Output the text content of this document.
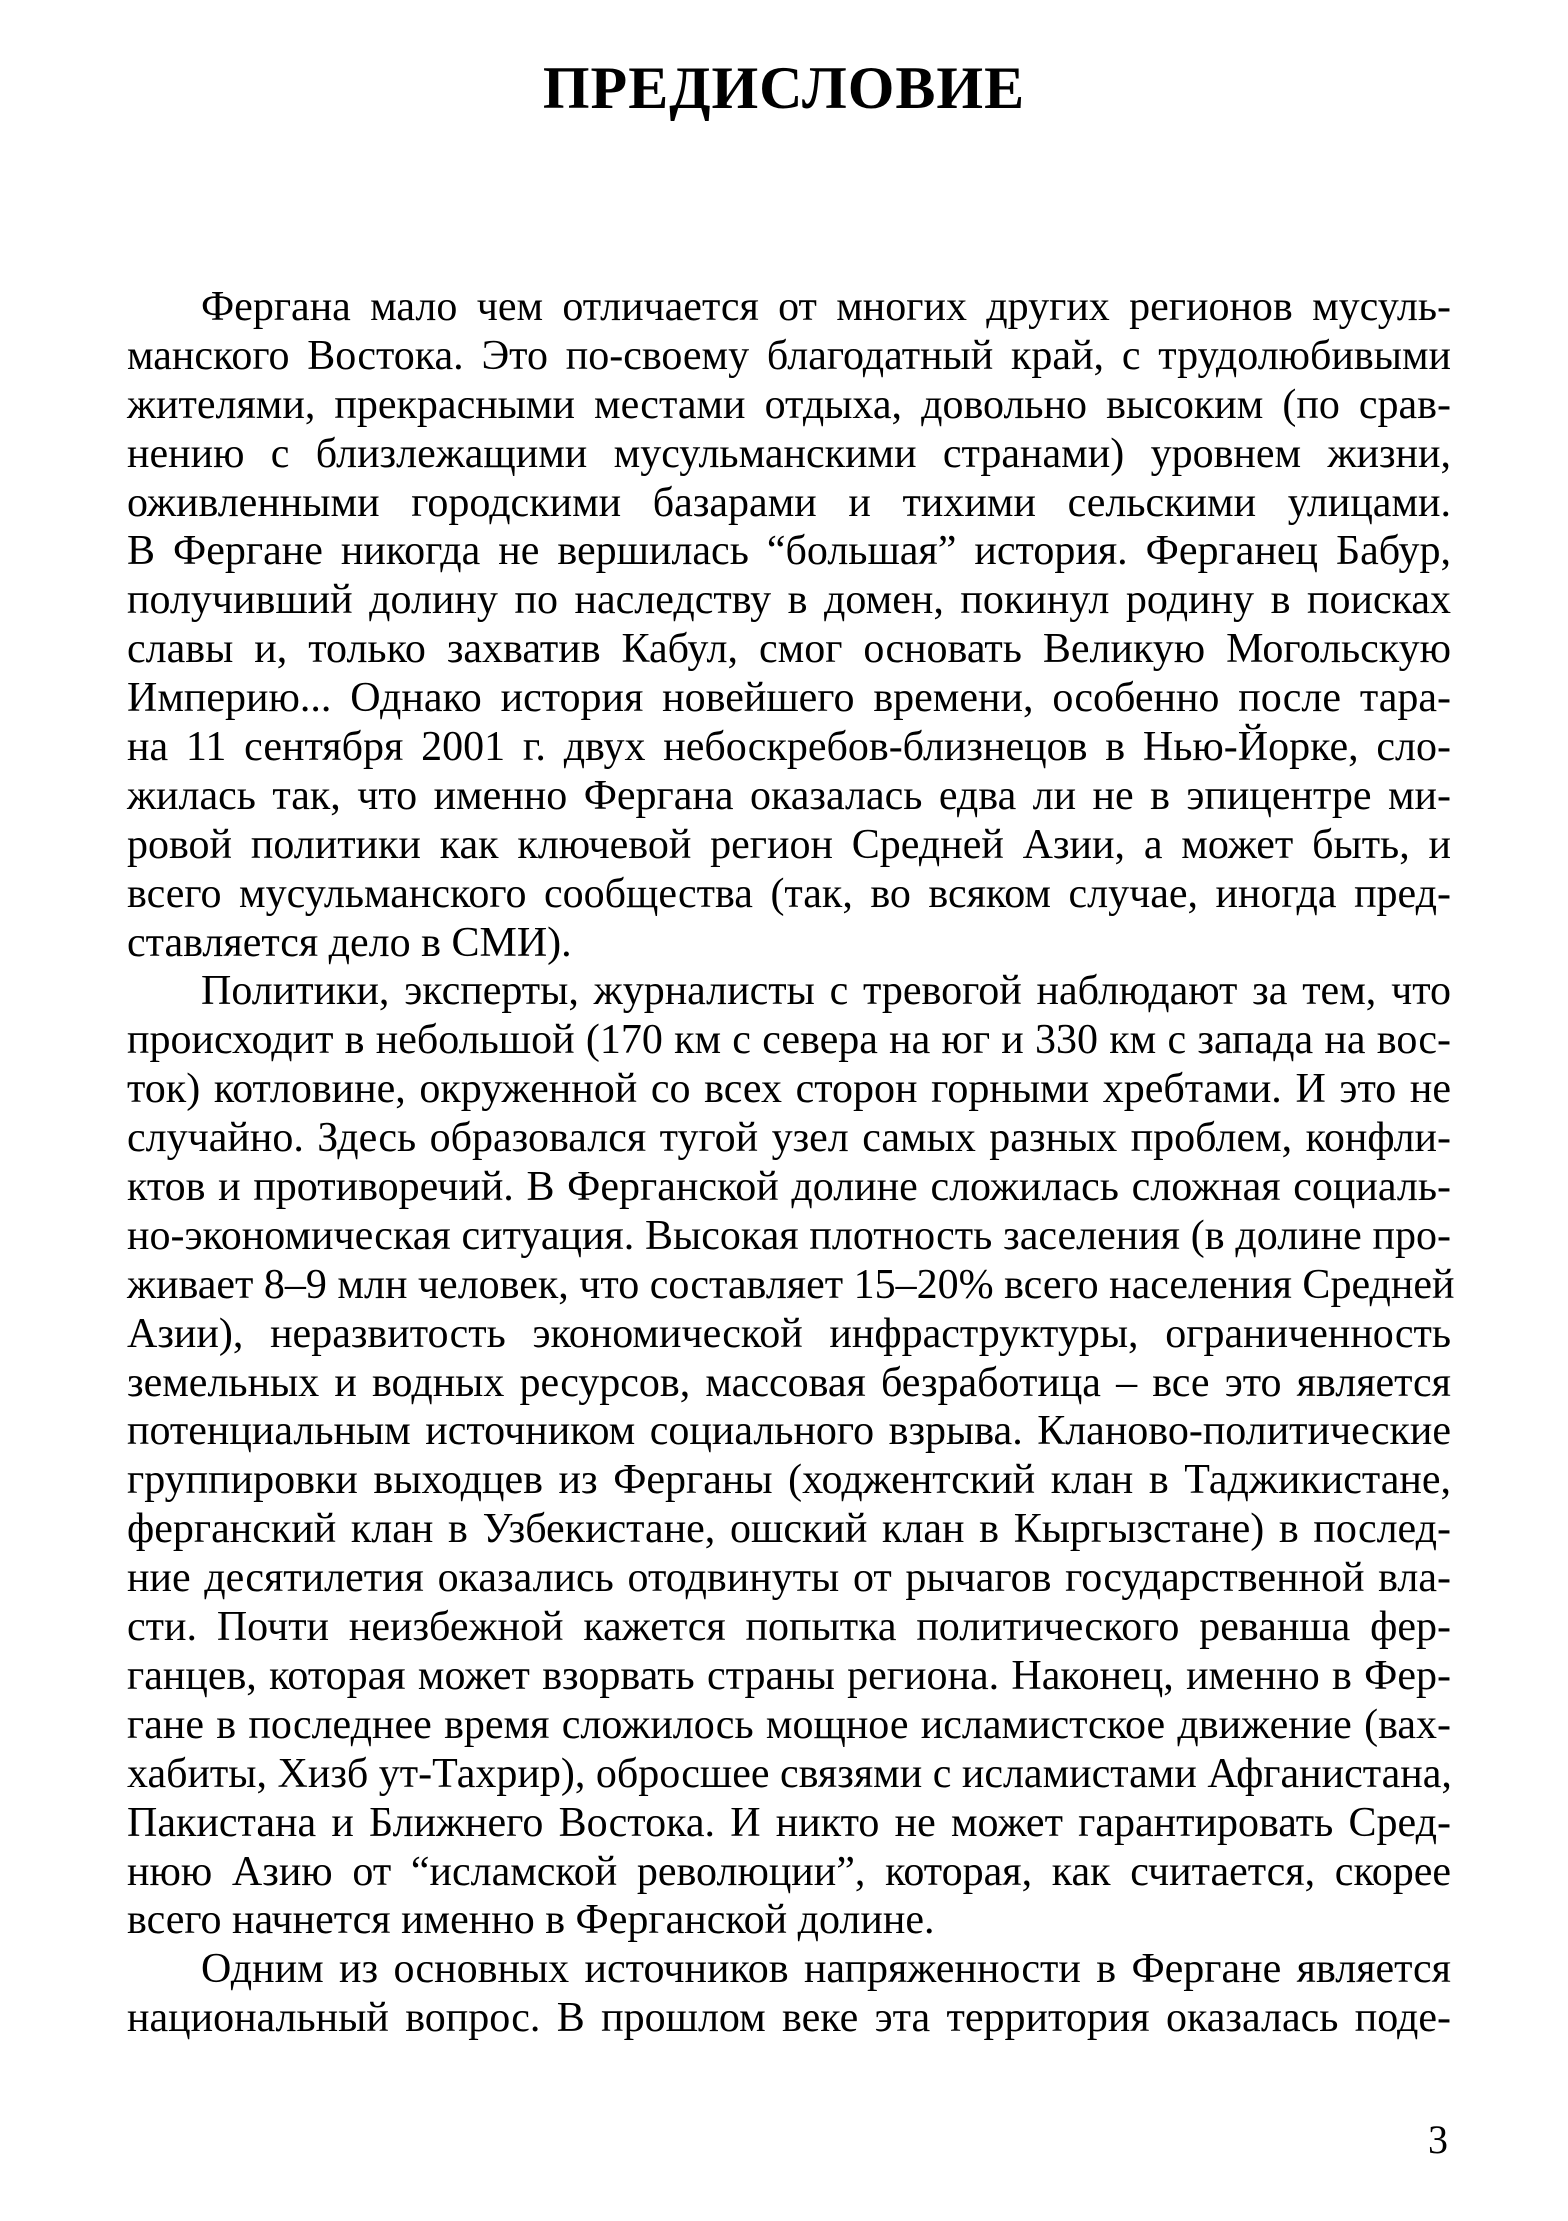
ПРЕДИСЛОВИЕ
Фергана мало чем отличается от многих других регионов мусуль-
манского Востока. Это по-своему благодатный край, с трудолюбивыми
жителями, прекрасными местами отдыха, довольно высоким (по срав-
нению с близлежащими мусульманскими странами) уровнем жизни,
оживленными городскими базарами и тихими сельскими улицами.
В Фергане никогда не вершилась “большая” история. Ферганец Бабур,
получивший долину по наследству в домен, покинул родину в поисках
славы и, только захватив Кабул, смог основать Великую Могольскую
Империю... Однако история новейшего времени, особенно после тара-
на 11 сентября 2001 г. двух небоскребов-близнецов в Нью-Йорке, сло-
жилась так, что именно Фергана оказалась едва ли не в эпицентре ми-
ровой политики как ключевой регион Средней Азии, а может быть, и
всего мусульманского сообщества (так, во всяком случае, иногда пред-
ставляется дело в СМИ).
Политики, эксперты, журналисты с тревогой наблюдают за тем, что
происходит в небольшой (170 км с севера на юг и 330 км с запада на вос-
ток) котловине, окруженной со всех сторон горными хребтами. И это не
случайно. Здесь образовался тугой узел самых разных проблем, конфли-
ктов и противоречий. В Ферганской долине сложилась сложная социаль-
но-экономическая ситуация. Высокая плотность заселения (в долине про-
живает 8–9 млн человек, что составляет 15–20% всего населения Средней
Азии), неразвитость экономической инфраструктуры, ограниченность
земельных и водных ресурсов, массовая безработица – все это является
потенциальным источником социального взрыва. Кланово-политические
группировки выходцев из Ферганы (ходжентский клан в Таджикистане,
ферганский клан в Узбекистане, ошский клан в Кыргызстане) в послед-
ние десятилетия оказались отодвинуты от рычагов государственной вла-
сти. Почти неизбежной кажется попытка политического реванша фер-
ганцев, которая может взорвать страны региона. Наконец, именно в Фер-
гане в последнее время сложилось мощное исламистское движение (вах-
хабиты, Хизб ут-Тахрир), обросшее связями с исламистами Афганистана,
Пакистана и Ближнего Востока. И никто не может гарантировать Сред-
нюю Азию от “исламской революции”, которая, как считается, скорее
всего начнется именно в Ферганской долине.
Одним из основных источников напряженности в Фергане является
национальный вопрос. В прошлом веке эта территория оказалась поде-
3
